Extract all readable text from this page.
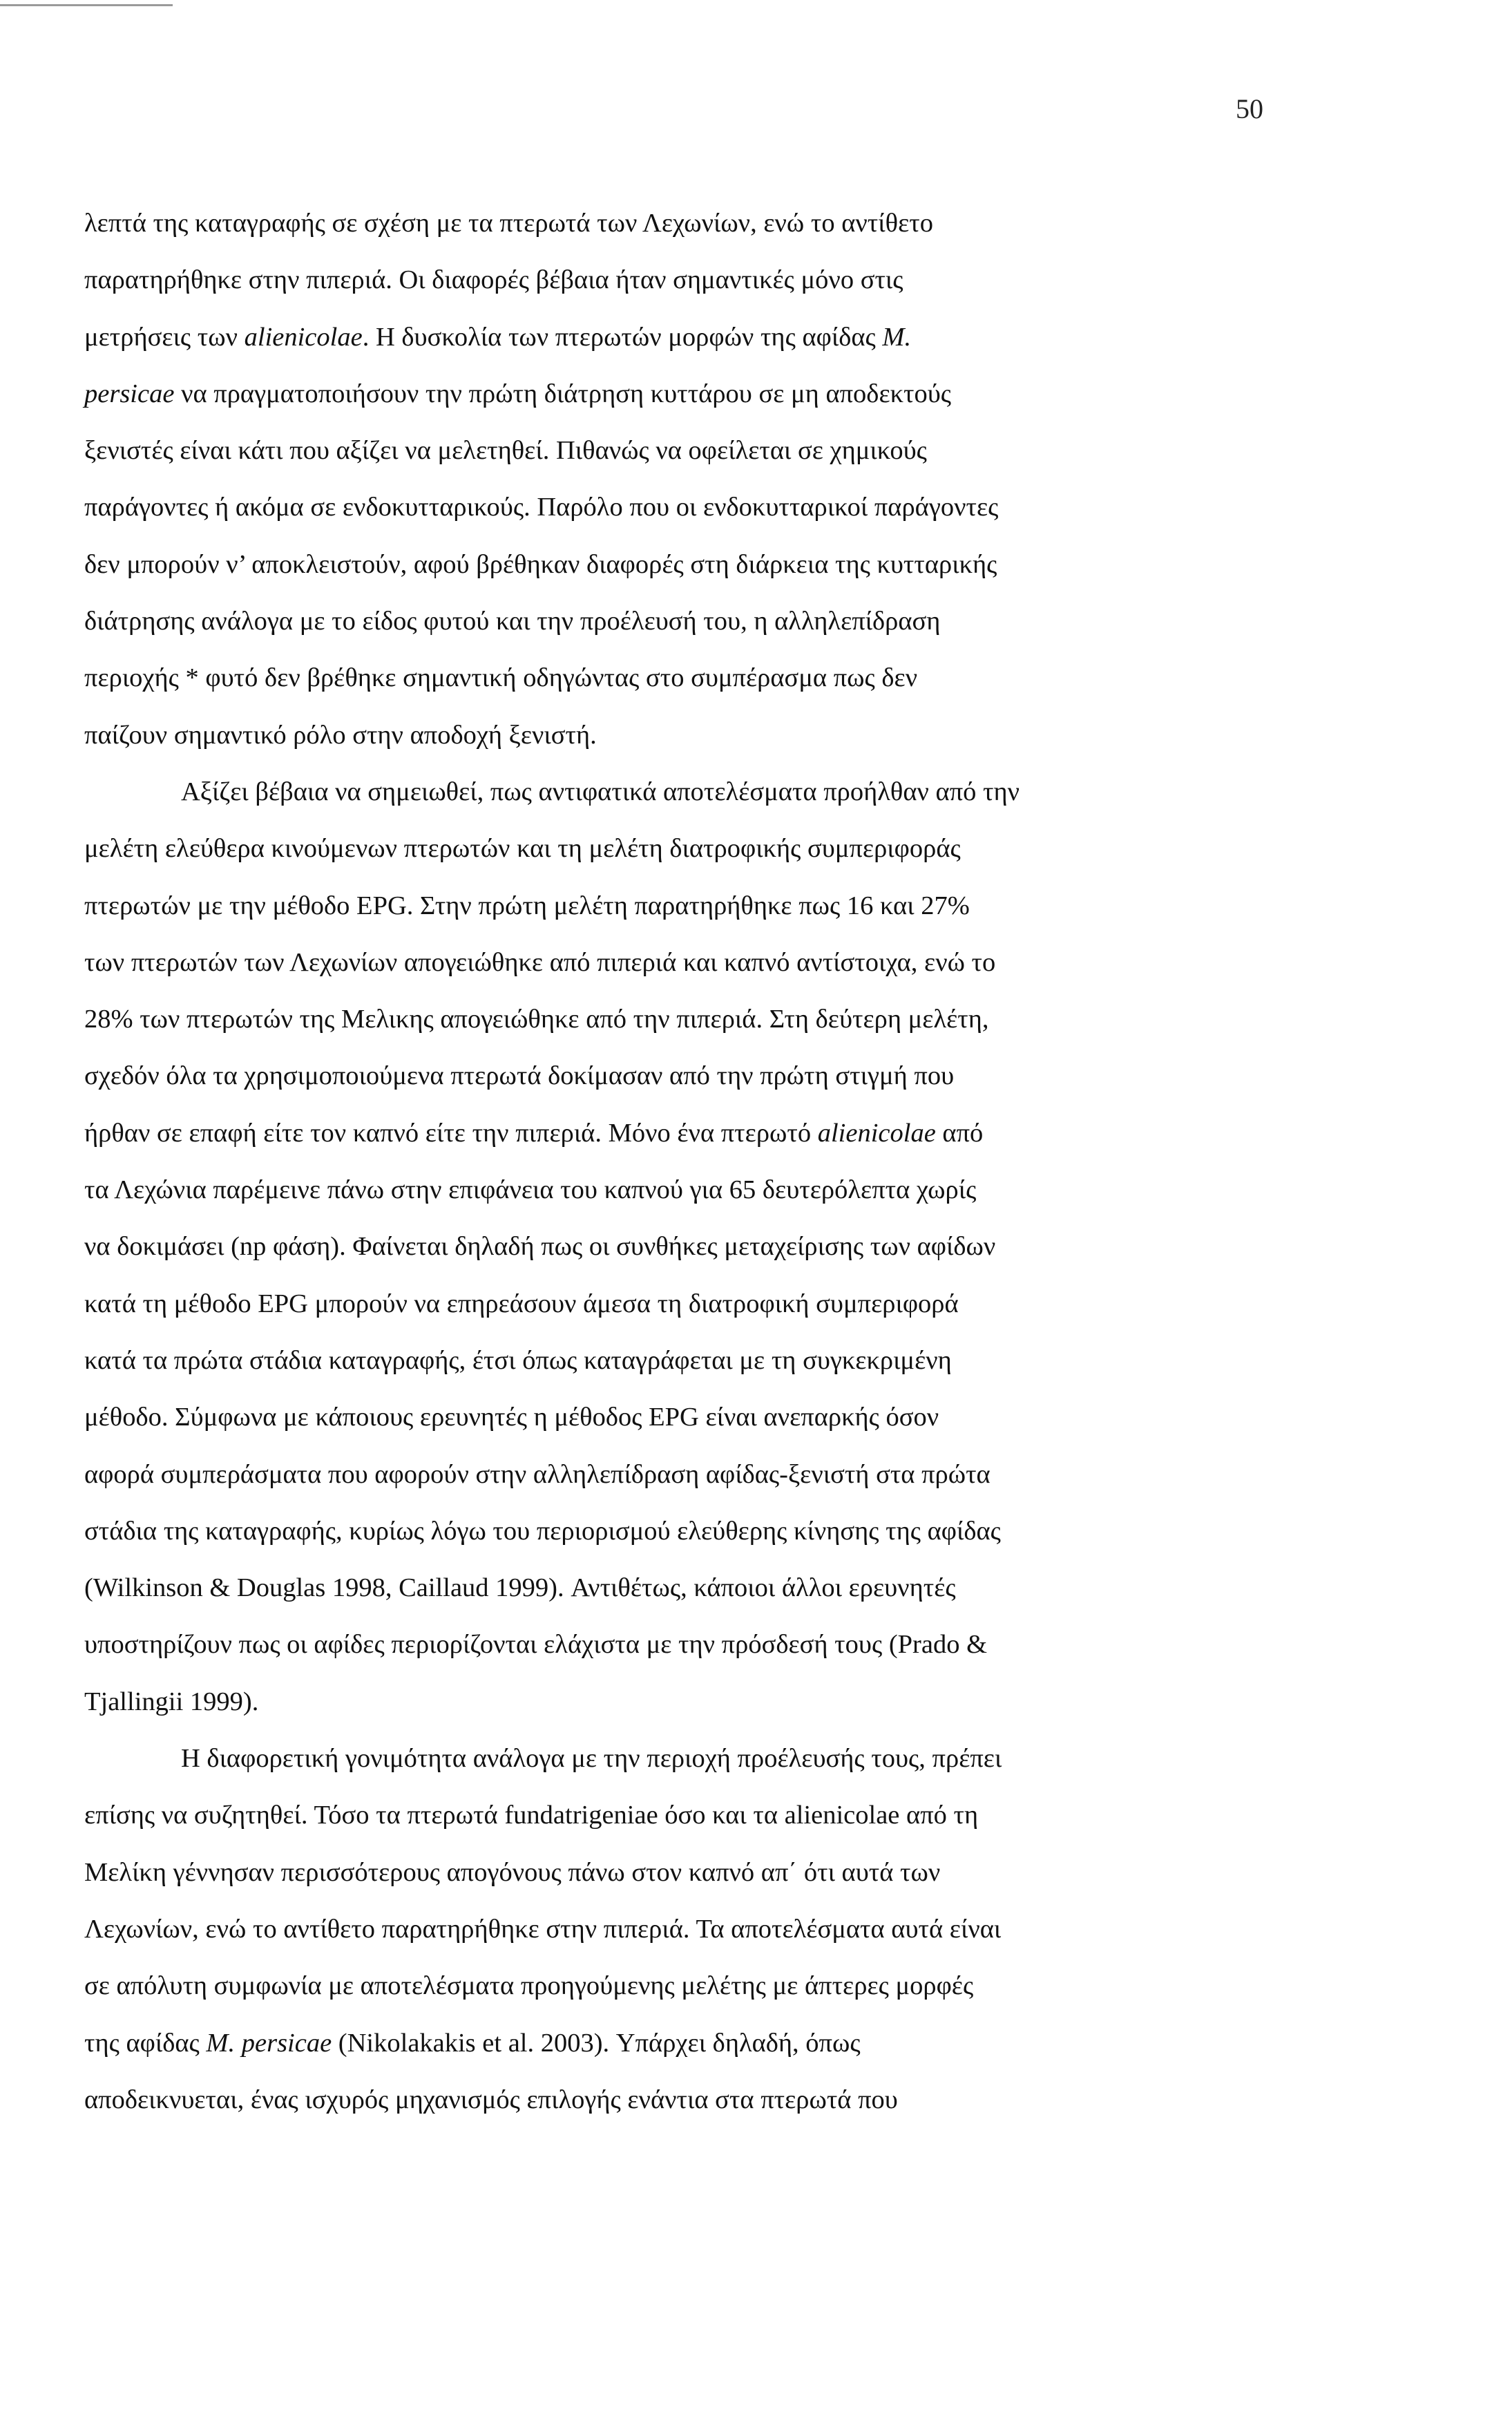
50
λεπτά της καταγραφής σε σχέση με τα πτερωτά των Λεχωνίων, ενώ το αντίθετο
παρατηρήθηκε στην πιπεριά. Οι διαφορές βέβαια ήταν σημαντικές μόνο στις
μετρήσεις των alienicolae. Η δυσκολία των πτερωτών μορφών της αφίδας M.
persicae να πραγματοποιήσουν την πρώτη διάτρηση κυττάρου σε μη αποδεκτούς
ξενιστές είναι κάτι που αξίζει να μελετηθεί. Πιθανώς να οφείλεται σε χημικούς
παράγοντες ή ακόμα σε ενδοκυτταρικούς. Παρόλο που οι ενδοκυτταρικοί παράγοντες
δεν μπορούν ν’ αποκλειστούν, αφού βρέθηκαν διαφορές στη διάρκεια της κυτταρικής
διάτρησης ανάλογα με το είδος φυτού και την προέλευσή του, η αλληλεπίδραση
περιοχής * φυτό δεν βρέθηκε σημαντική οδηγώντας στο συμπέρασμα πως δεν
παίζουν σημαντικό ρόλο στην αποδοχή ξενιστή.
Αξίζει βέβαια να σημειωθεί, πως αντιφατικά αποτελέσματα προήλθαν από την
μελέτη ελεύθερα κινούμενων πτερωτών και τη μελέτη διατροφικής συμπεριφοράς
πτερωτών με την μέθοδο EPG. Στην πρώτη μελέτη παρατηρήθηκε πως 16 και 27%
των πτερωτών των Λεχωνίων απογειώθηκε από πιπεριά και καπνό αντίστοιχα, ενώ το
28% των πτερωτών της Μελικης απογειώθηκε από την πιπεριά. Στη δεύτερη μελέτη,
σχεδόν όλα τα χρησιμοποιούμενα πτερωτά δοκίμασαν από την πρώτη στιγμή που
ήρθαν σε επαφή είτε τον καπνό είτε την πιπεριά. Μόνο ένα πτερωτό alienicolae από
τα Λεχώνια παρέμεινε πάνω στην επιφάνεια του καπνού για 65 δευτερόλεπτα χωρίς
να δοκιμάσει (np φάση). Φαίνεται δηλαδή πως οι συνθήκες μεταχείρισης των αφίδων
κατά τη μέθοδο EPG μπορούν να επηρεάσουν άμεσα τη διατροφική συμπεριφορά
κατά τα πρώτα στάδια καταγραφής, έτσι όπως καταγράφεται με τη συγκεκριμένη
μέθοδο. Σύμφωνα με κάποιους ερευνητές η μέθοδος EPG είναι ανεπαρκής όσον
αφορά συμπεράσματα που αφορούν στην αλληλεπίδραση αφίδας-ξενιστή στα πρώτα
στάδια της καταγραφής, κυρίως λόγω του περιορισμού ελεύθερης κίνησης της αφίδας
(Wilkinson & Douglas 1998, Caillaud 1999). Αντιθέτως, κάποιοι άλλοι ερευνητές
υποστηρίζουν πως οι αφίδες περιορίζονται ελάχιστα με την πρόσδεσή τους (Prado &
Tjallingii 1999).
Η διαφορετική γονιμότητα ανάλογα με την περιοχή προέλευσής τους, πρέπει
επίσης να συζητηθεί. Τόσο τα πτερωτά fundatrigeniae όσο και τα alienicolae από τη
Μελίκη γέννησαν περισσότερους απογόνους πάνω στον καπνό απ΄ ότι αυτά των
Λεχωνίων, ενώ το αντίθετο παρατηρήθηκε στην πιπεριά. Τα αποτελέσματα αυτά είναι
σε απόλυτη συμφωνία με αποτελέσματα προηγούμενης μελέτης με άπτερες μορφές
της αφίδας M. persicae (Nikolakakis et al. 2003). Υπάρχει δηλαδή, όπως
αποδεικνυεται, ένας ισχυρός μηχανισμός επιλογής ενάντια στα πτερωτά που
